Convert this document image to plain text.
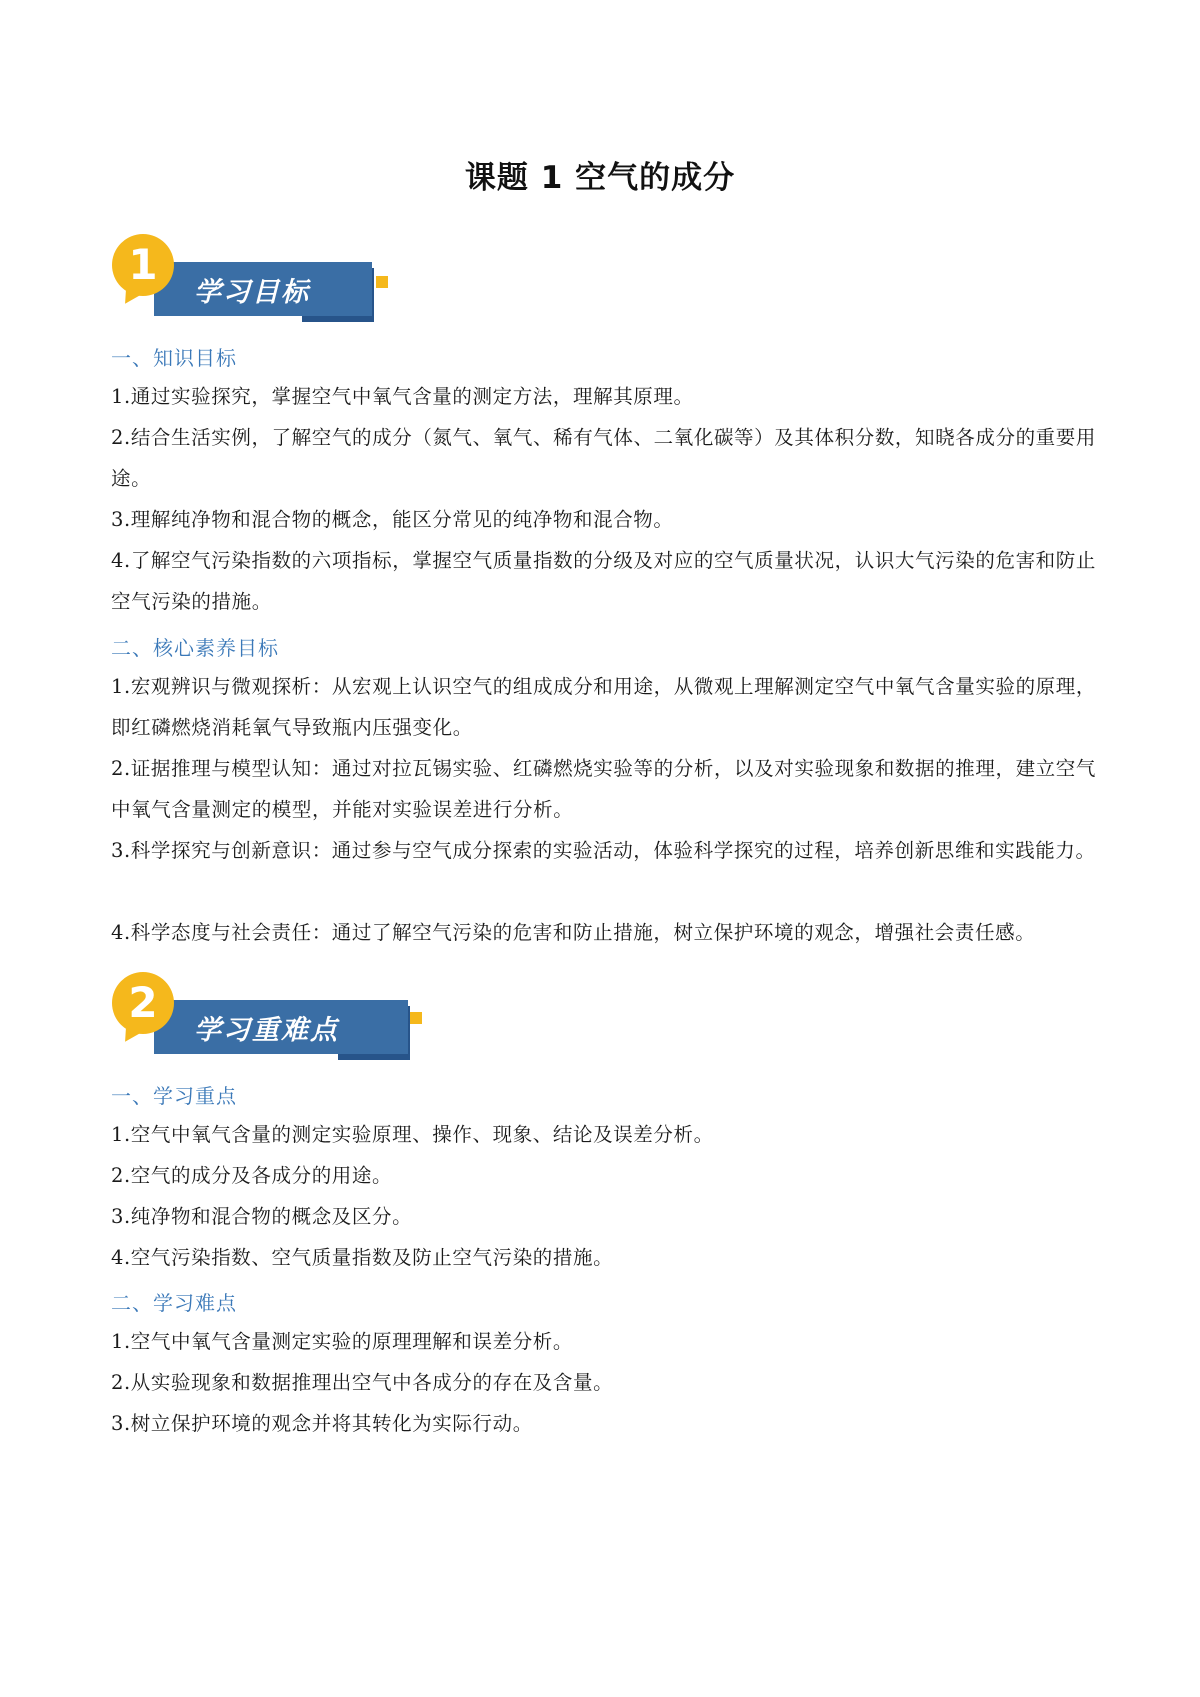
课题 1 空气的成分
1
学习目标
一、知识目标
1.通过实验探究，掌握空气中氧气含量的测定方法，理解其原理。
2.结合生活实例，了解空气的成分（氮气、氧气、稀有气体、二氧化碳等）及其体积分数，知晓各成分的重要用途。
3.理解纯净物和混合物的概念，能区分常见的纯净物和混合物。
4.了解空气污染指数的六项指标，掌握空气质量指数的分级及对应的空气质量状况，认识大气污染的危害和防止空气污染的措施。
二、核心素养目标
1.宏观辨识与微观探析：从宏观上认识空气的组成成分和用途，从微观上理解测定空气中氧气含量实验的原理，即红磷燃烧消耗氧气导致瓶内压强变化。
2.证据推理与模型认知：通过对拉瓦锡实验、红磷燃烧实验等的分析，以及对实验现象和数据的推理，建立空气中氧气含量测定的模型，并能对实验误差进行分析。
3.科学探究与创新意识：通过参与空气成分探索的实验活动，体验科学探究的过程，培养创新思维和实践能力。
4.科学态度与社会责任：通过了解空气污染的危害和防止措施，树立保护环境的观念，增强社会责任感。
2
学习重难点
一、学习重点
1.空气中氧气含量的测定实验原理、操作、现象、结论及误差分析。
2.空气的成分及各成分的用途。
3.纯净物和混合物的概念及区分。
4.空气污染指数、空气质量指数及防止空气污染的措施。
二、学习难点
1.空气中氧气含量测定实验的原理理解和误差分析。
2.从实验现象和数据推理出空气中各成分的存在及含量。
3.树立保护环境的观念并将其转化为实际行动。
